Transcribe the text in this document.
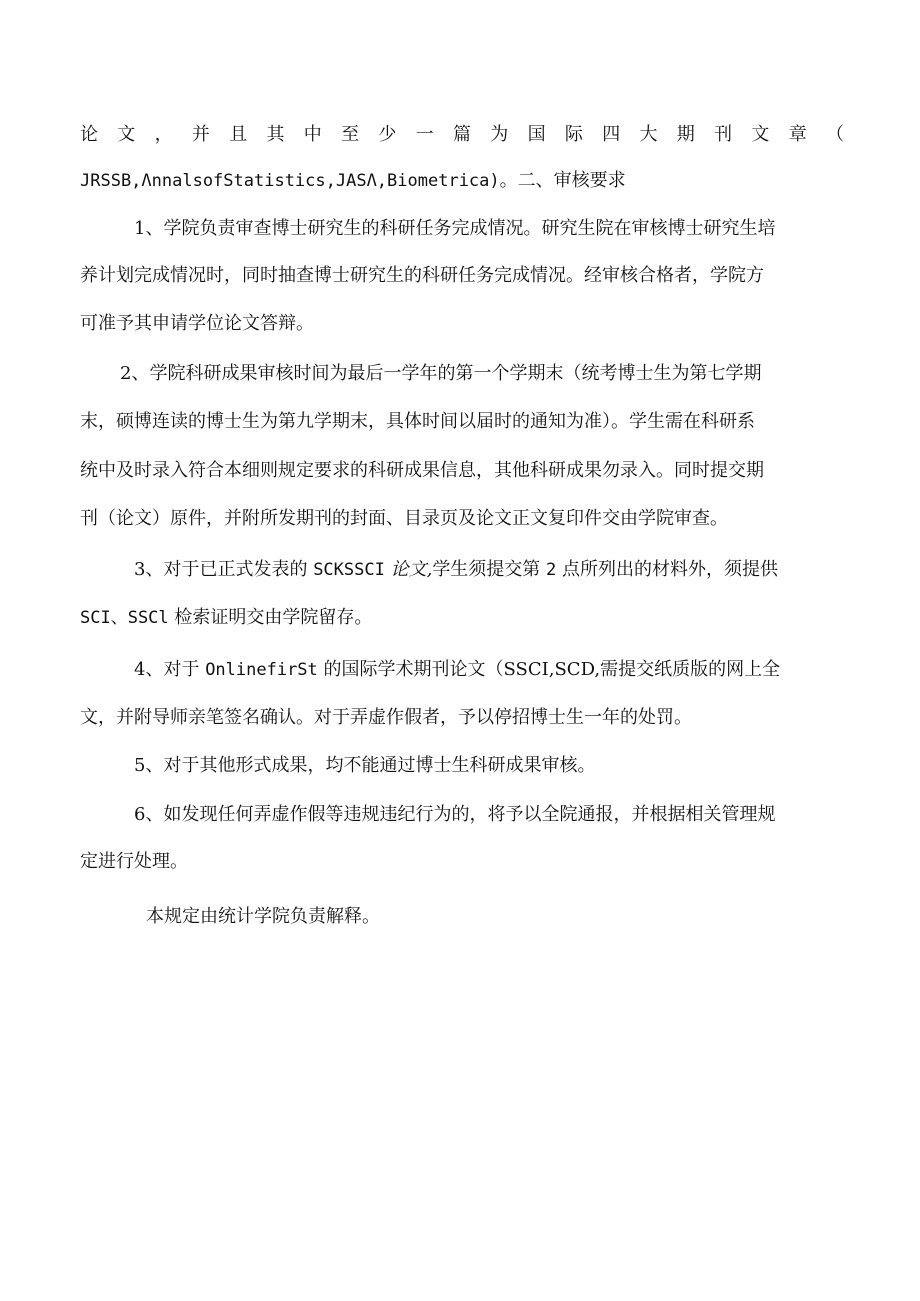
论 文 ， 并 且 其 中 至 少 一 篇 为 国 际 四 大 期 刊 文 章 （
JRSSB,ΛnnalsofStatistics,JASΛ,Biometrica)。二、审核要求
1、学院负责审查博士研究生的科研任务完成情况。研究生院在审核博士研究生培
养计划完成情况时，同时抽查博士研究生的科研任务完成情况。经审核合格者，学院方
可准予其申请学位论文答辩。
2、学院科研成果审核时间为最后一学年的第一个学期末（统考博士生为第七学期
末，硕博连读的博士生为第九学期末，具体时间以届时的通知为准）。学生需在科研系
统中及时录入符合本细则规定要求的科研成果信息，其他科研成果勿录入。同时提交期
刊（论文）原件，并附所发期刊的封面、目录页及论文正文复印件交由学院审查。
3、对于已正式发表的 SCKSSCI 论文,学生须提交第 2 点所列出的材料外，须提供
SCI、SSCl 检索证明交由学院留存。
4、对于 OnlinefirSt 的国际学术期刊论文（SSCI,SCD,需提交纸质版的网上全
文，并附导师亲笔签名确认。对于弄虚作假者，予以停招博士生一年的处罚。
5、对于其他形式成果，均不能通过博士生科研成果审核。
6、如发现任何弄虚作假等违规违纪行为的，将予以全院通报，并根据相关管理规
定进行处理。
本规定由统计学院负责解释。
